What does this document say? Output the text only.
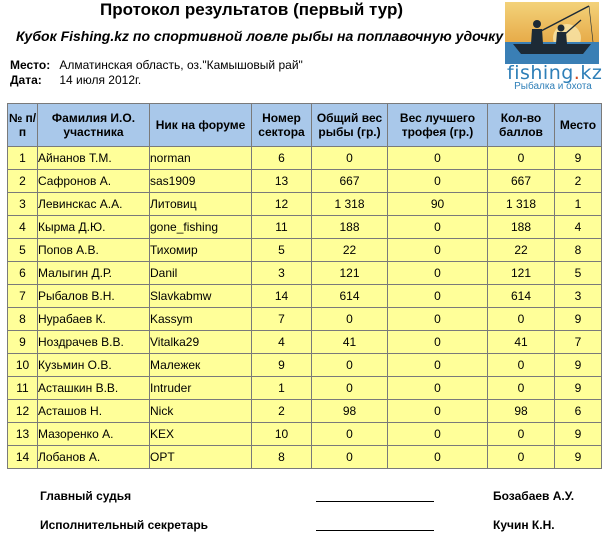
Протокол результатов (первый тур)
Кубок Fishing.kz по спортивной ловле рыбы на поплавочную удочку
Место: Алматинская область, оз."Камышовый рай"
Дата: 14 июля 2012г.	fishing.kz
Рыбалка и охота
№ п/п	Фамилия И.О. участника	Ник на форуме	Номер сектора	Общий вес рыбы (гр.)	Вес лучшего трофея (гр.)	Кол-во баллов	Место
1	Айнанов Т.М.	norman	6	0	0	0	9
2	Сафронов А.	sas1909	13	667	0	667	2
3	Левинскас А.А.	Литовиц	12	1 318	90	1 318	1
4	Кырма Д.Ю.	gone_fishing	11	188	0	188	4
5	Попов А.В.	Тихомир	5	22	0	22	8
6	Малыгин Д.Р.	Danil	3	121	0	121	5
7	Рыбалов В.Н.	Slavkabmw	14	614	0	614	3
8	Нурабаев К.	Kassym	7	0	0	0	9
9	Ноздрачев В.В.	Vitalka29	4	41	0	41	7
10	Кузьмин О.В.	Малежек	9	0	0	0	9
11	Асташкин В.В.	Intruder	1	0	0	0	9
12	Асташов Н.	Nick	2	98	0	98	6
13	Мазоренко А.	KEX	10	0	0	0	9
14	Лобанов А.	OPT	8	0	0	0	9
Главный судья	Бозабаев А.У.
Исполнительный секретарь	Кучин К.Н.
